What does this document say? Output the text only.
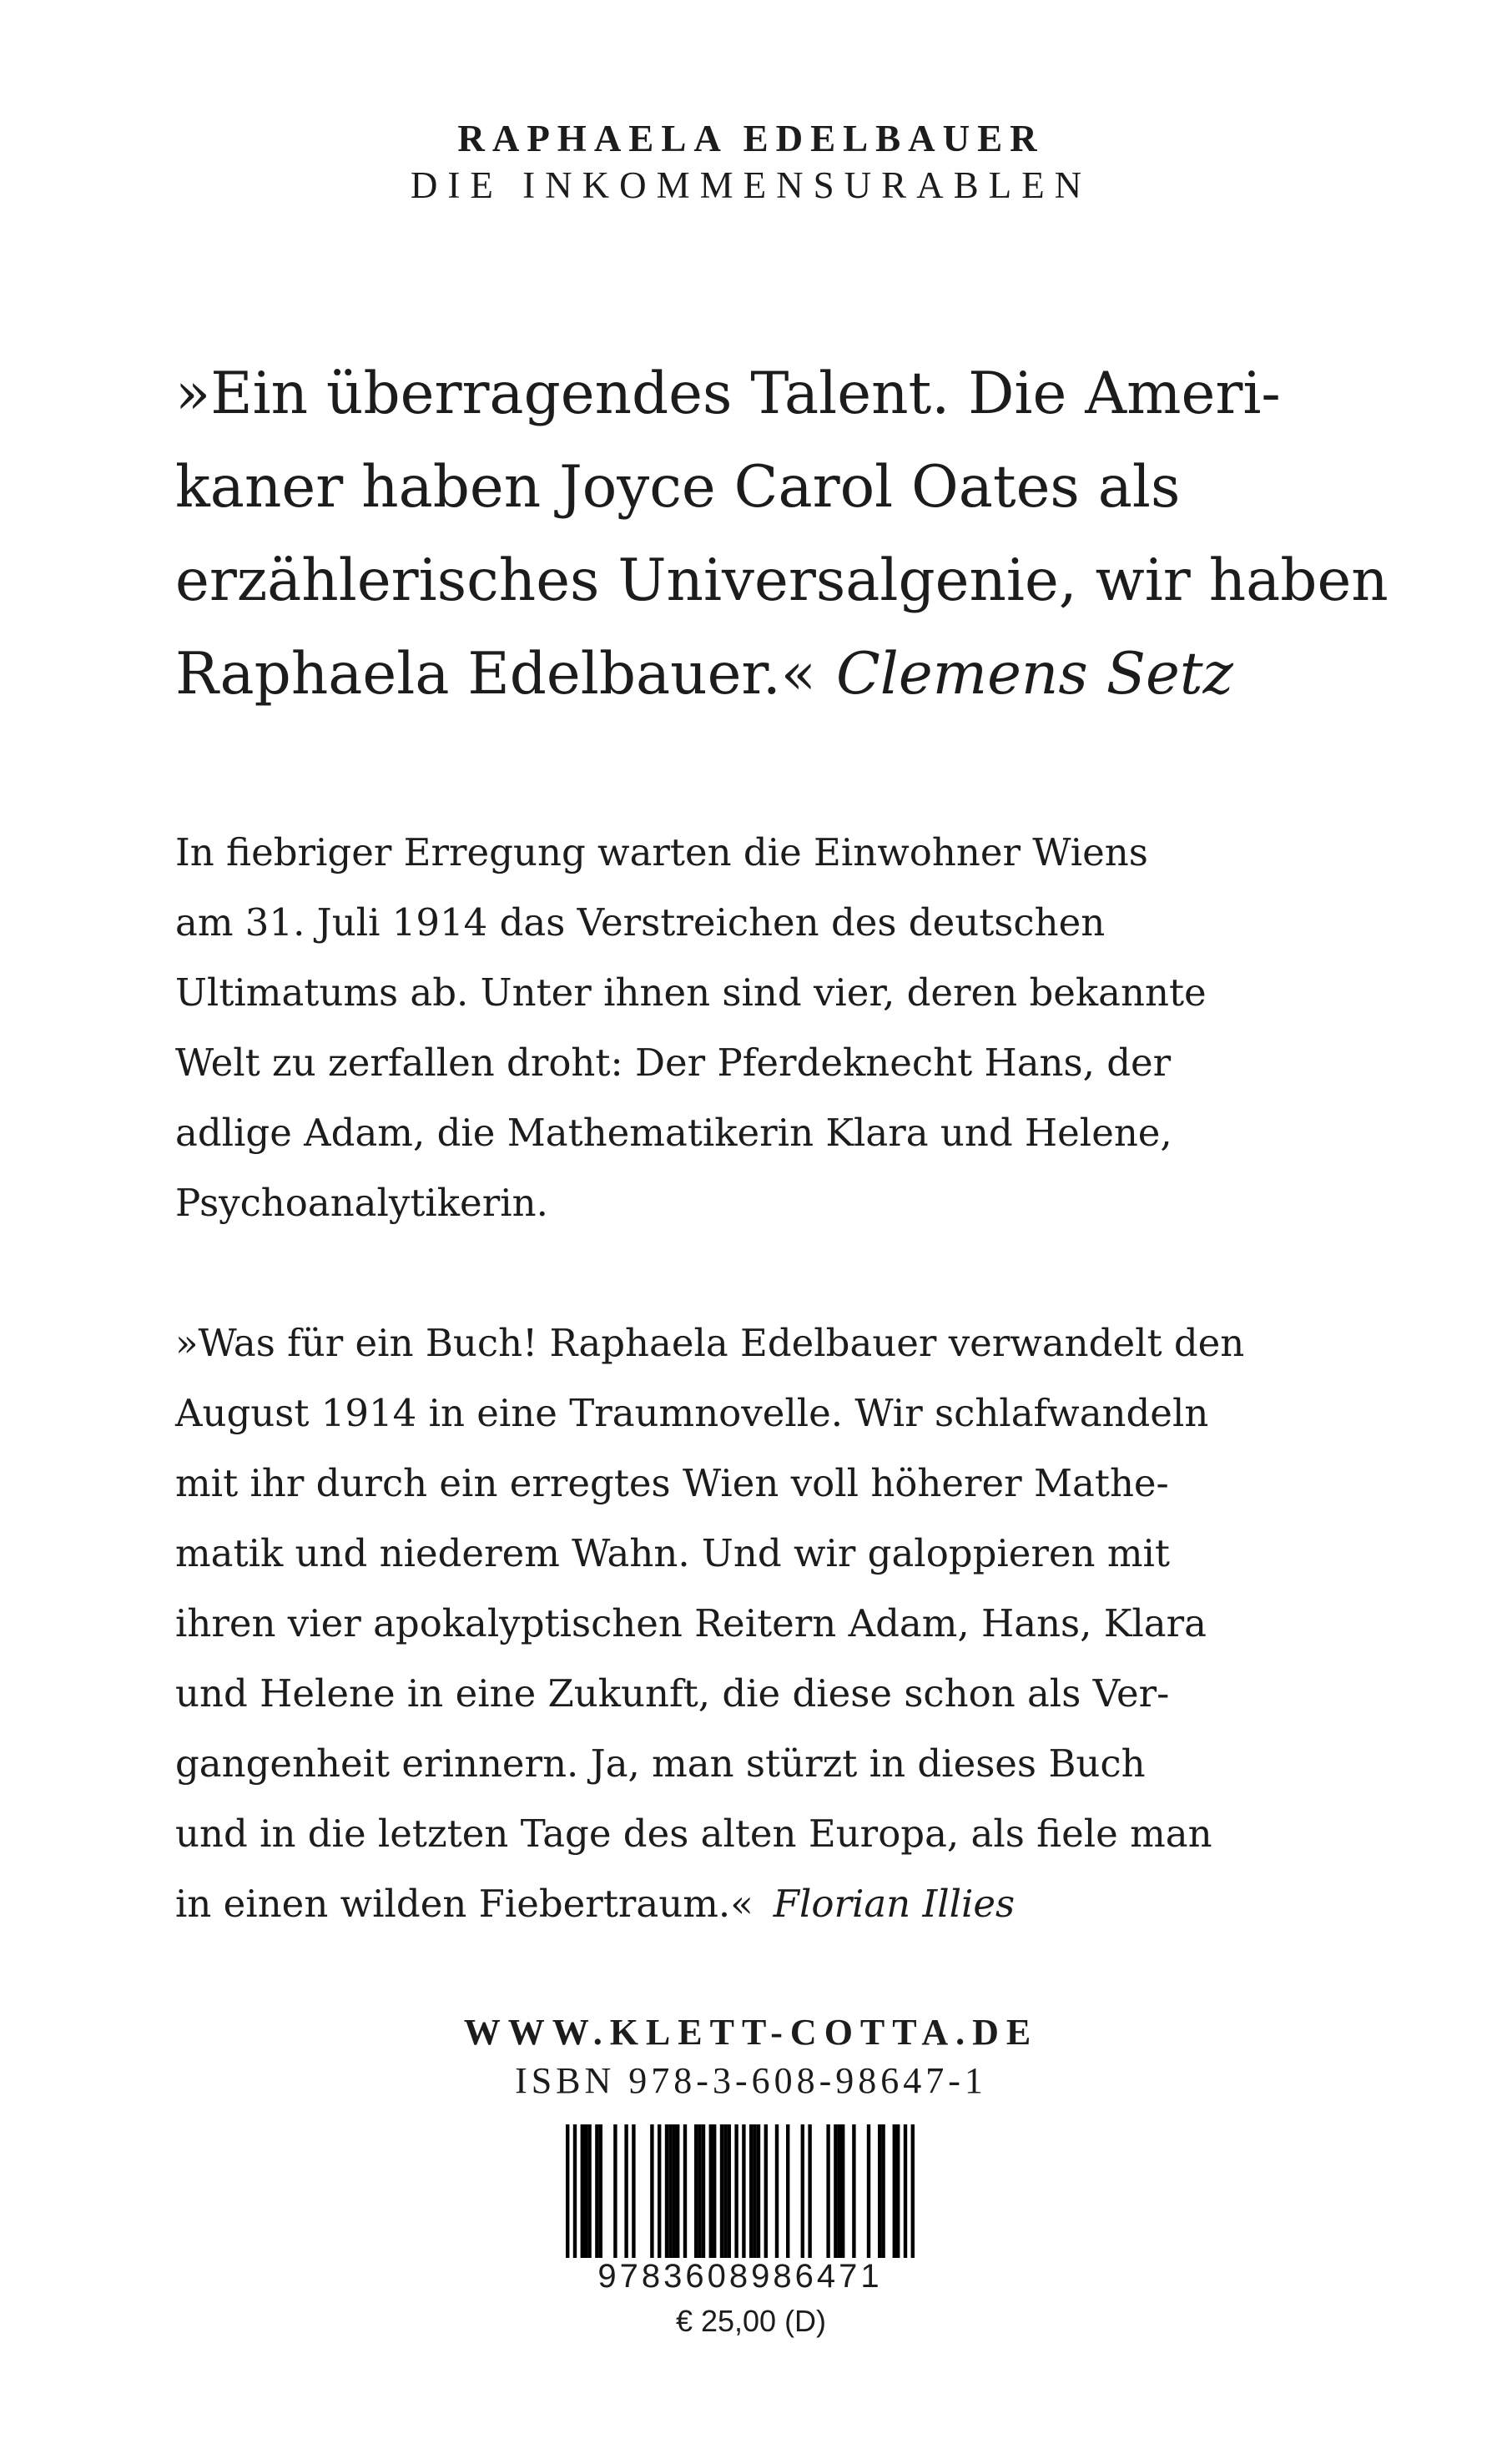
RAPHAELA EDELBAUER
DIE INKOMMENSURABLEN
»Ein überragendes Talent. Die Ameri-
kaner haben Joyce Carol Oates als
erzählerisches Universalgenie, wir haben
Raphaela Edelbauer.« Clemens Setz
In fiebriger Erregung warten die Einwohner Wiens
am 31. Juli 1914 das Verstreichen des deutschen
Ultimatums ab. Unter ihnen sind vier, deren bekannte
Welt zu zerfallen droht: Der Pferdeknecht Hans, der
adlige Adam, die Mathematikerin Klara und Helene,
Psychoanalytikerin.
»Was für ein Buch! Raphaela Edelbauer verwandelt den
August 1914 in eine Traumnovelle. Wir schlafwandeln
mit ihr durch ein erregtes Wien voll höherer Mathe-
matik und niederem Wahn. Und wir galoppieren mit
ihren vier apokalyptischen Reitern Adam, Hans, Klara
und Helene in eine Zukunft, die diese schon als Ver-
gangenheit erinnern. Ja, man stürzt in dieses Buch
und in die letzten Tage des alten Europa, als fiele man
in einen wilden Fiebertraum.« Florian Illies
WWW.KLETT-COTTA.DE
ISBN 978-3-608-98647-1
9783608986471
€ 25,00 (D)
